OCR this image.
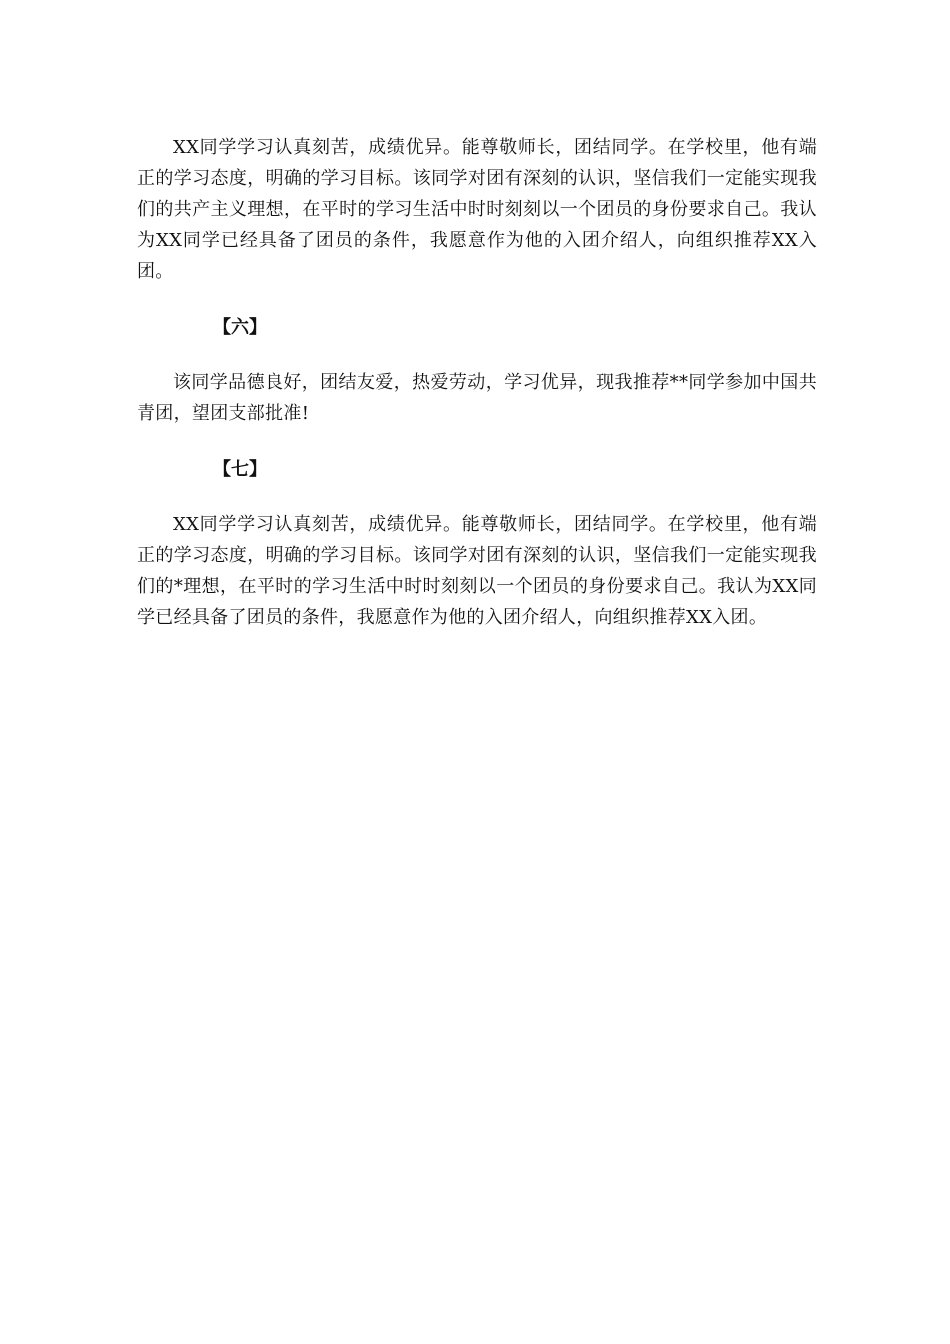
XX同学学习认真刻苦，成绩优异。能尊敬师长，团结同学。在学校里，他有端正的学习态度，明确的学习目标。该同学对团有深刻的认识，坚信我们一定能实现我们的共产主义理想，在平时的学习生活中时时刻刻以一个团员的身份要求自己。我认为XX同学已经具备了团员的条件，我愿意作为他的入团介绍人，向组织推荐XX入团。

【六】

该同学品德良好，团结友爱，热爱劳动，学习优异，现我推荐**同学参加中国共青团，望团支部批准!

【七】

XX同学学习认真刻苦，成绩优异。能尊敬师长，团结同学。在学校里，他有端正的学习态度，明确的学习目标。该同学对团有深刻的认识，坚信我们一定能实现我们的*理想，在平时的学习生活中时时刻刻以一个团员的身份要求自己。我认为XX同学已经具备了团员的条件，我愿意作为他的入团介绍人，向组织推荐XX入团。
